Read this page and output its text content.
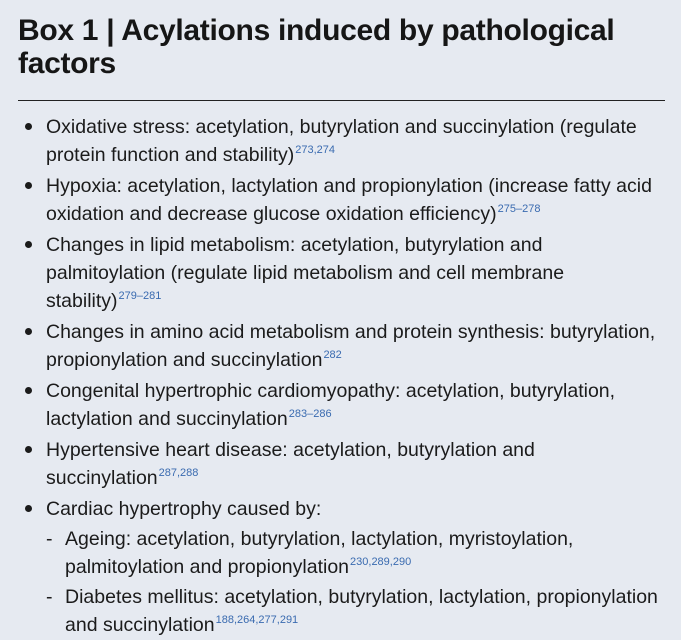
Box 1 | Acylations induced by pathological factors
Oxidative stress: acetylation, butyrylation and succinylation (regulate protein function and stability)$^{273,274}$
Hypoxia: acetylation, lactylation and propionylation (increase fatty acid oxidation and decrease glucose oxidation efficiency)$^{275-278}$
Changes in lipid metabolism: acetylation, butyrylation and palmitoylation (regulate lipid metabolism and cell membrane stability)$^{279-281}$
Changes in amino acid metabolism and protein synthesis: butyrylation, propionylation and succinylation$^{282}$
Congenital hypertrophic cardiomyopathy: acetylation, butyrylation, lactylation and succinylation$^{283-286}$
Hypertensive heart disease: acetylation, butyrylation and succinylation$^{287,288}$
Cardiac hypertrophy caused by:
- Ageing: acetylation, butyrylation, lactylation, myristoylation, palmitoylation and propionylation$^{230,289,290}$
- Diabetes mellitus: acetylation, butyrylation, lactylation, propionylation and succinylation$^{188,264,277,291}$
